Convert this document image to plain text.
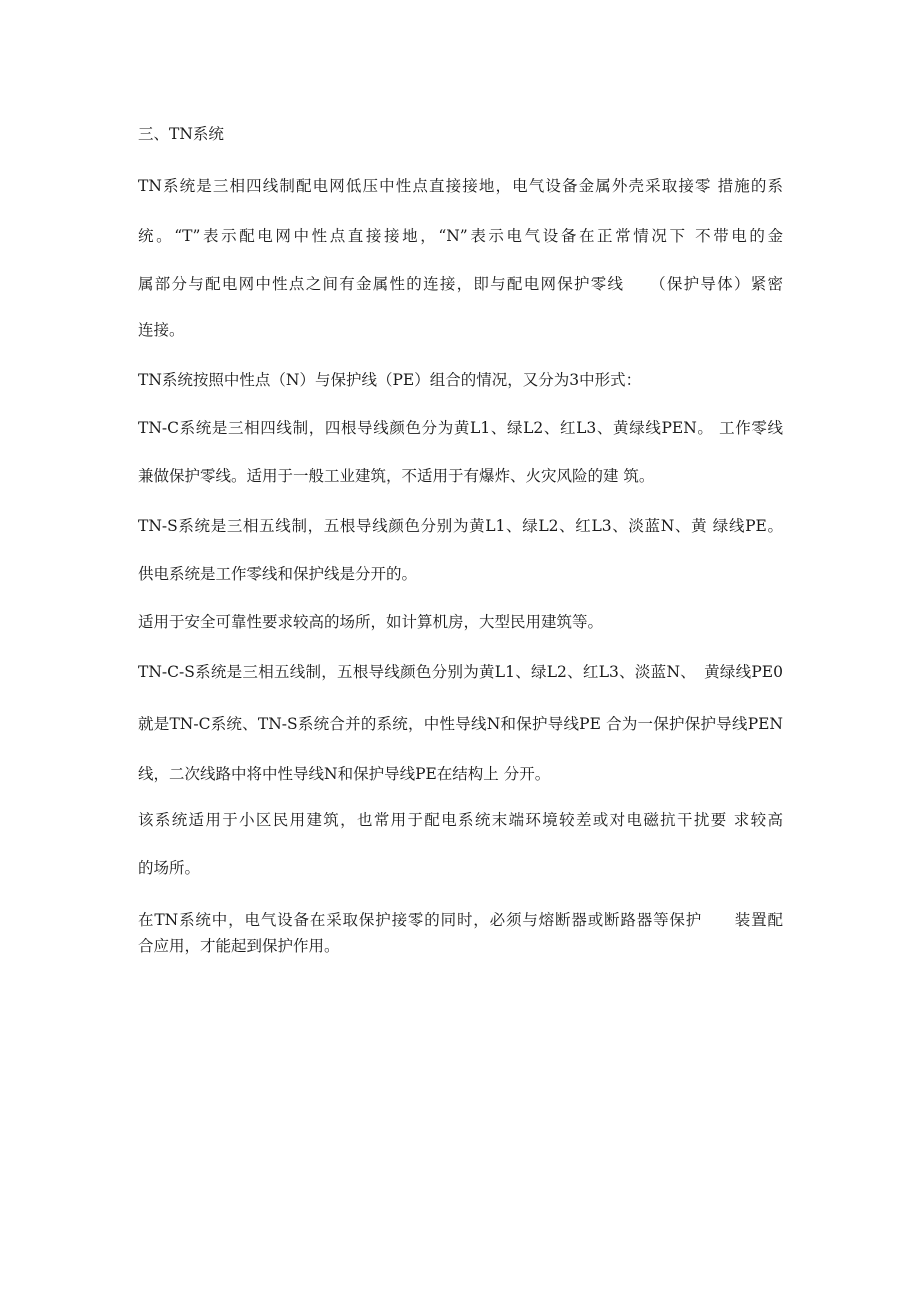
三、TN系统
TN系统是三相四线制配电网低压中性点直接接地，电气设备金属外壳采取接零 措施的系
统。“T”表示配电网中性点直接接地，“N”表示电气设备在正常情况下 不带电的金
属部分与配电网中性点之间有金属性的连接，即与配电网保护零线　　（保护导体）紧密
连接。
TN系统按照中性点（N）与保护线（PE）组合的情况，又分为3中形式：
TN-C系统是三相四线制，四根导线颜色分为黄L1、绿L2、红L3、黄绿线PEN。 工作零线
兼做保护零线。适用于一般工业建筑，不适用于有爆炸、火灾风险的建 筑。
TN-S系统是三相五线制，五根导线颜色分别为黄L1、绿L2、红L3、淡蓝N、黄 绿线PE。
供电系统是工作零线和保护线是分开的。
适用于安全可靠性要求较高的场所，如计算机房，大型民用建筑等。
TN-C-S系统是三相五线制，五根导线颜色分别为黄L1、绿L2、红L3、淡蓝N、　黄绿线PE0
就是TN-C系统、TN-S系统合并的系统，中性导线N和保护导线PE 合为一保护保护导线PEN
线，二次线路中将中性导线N和保护导线PE在结构上 分开。
该系统适用于小区民用建筑，也常用于配电系统末端环境较差或对电磁抗干扰要 求较高
的场所。
在TN系统中，电气设备在采取保护接零的同时，必须与熔断器或断路器等保护　　装置配
合应用，才能起到保护作用。
